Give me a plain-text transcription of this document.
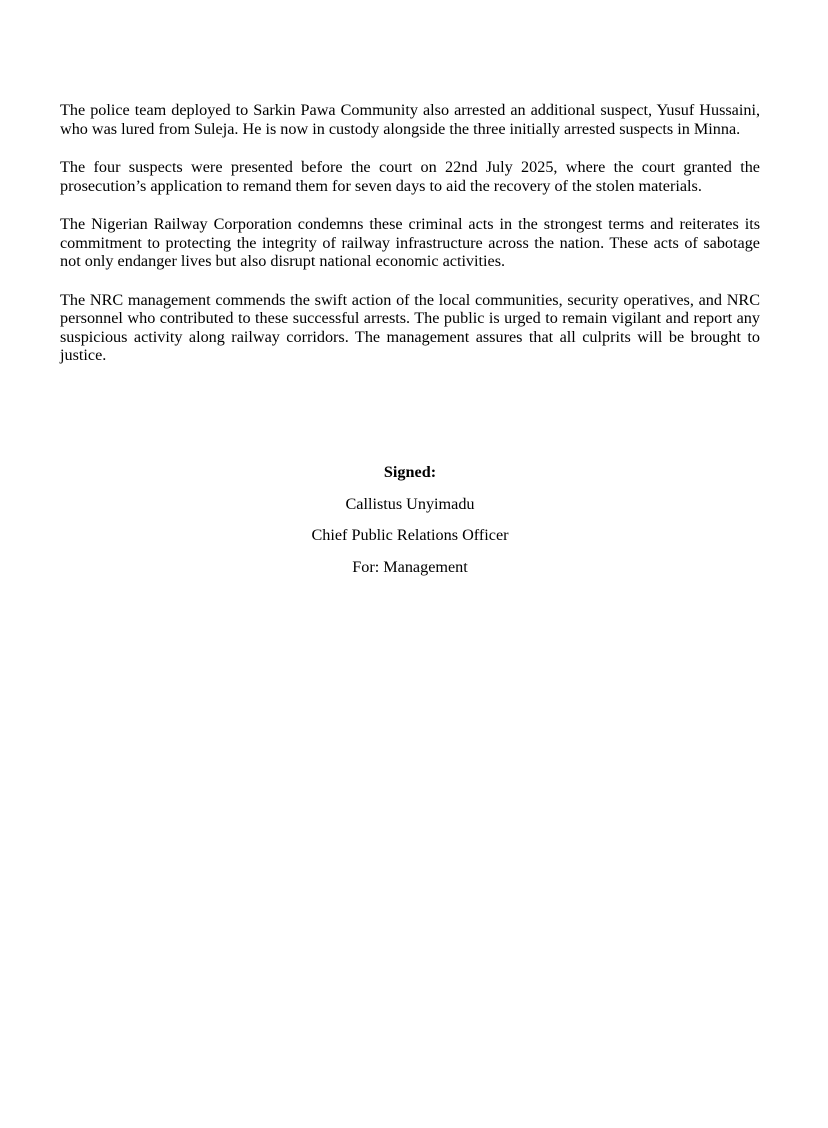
The police team deployed to Sarkin Pawa Community also arrested an additional suspect, Yusuf Hussaini, who was lured from Suleja. He is now in custody alongside the three initially arrested suspects in Minna.

The four suspects were presented before the court on 22nd July 2025, where the court granted the prosecution’s application to remand them for seven days to aid the recovery of the stolen materials.

The Nigerian Railway Corporation condemns these criminal acts in the strongest terms and reiterates its commitment to protecting the integrity of railway infrastructure across the nation. These acts of sabotage not only endanger lives but also disrupt national economic activities.

The NRC management commends the swift action of the local communities, security operatives, and NRC personnel who contributed to these successful arrests. The public is urged to remain vigilant and report any suspicious activity along railway corridors. The management assures that all culprits will be brought to justice.

Signed:
Callistus Unyimadu
Chief Public Relations Officer
For: Management
